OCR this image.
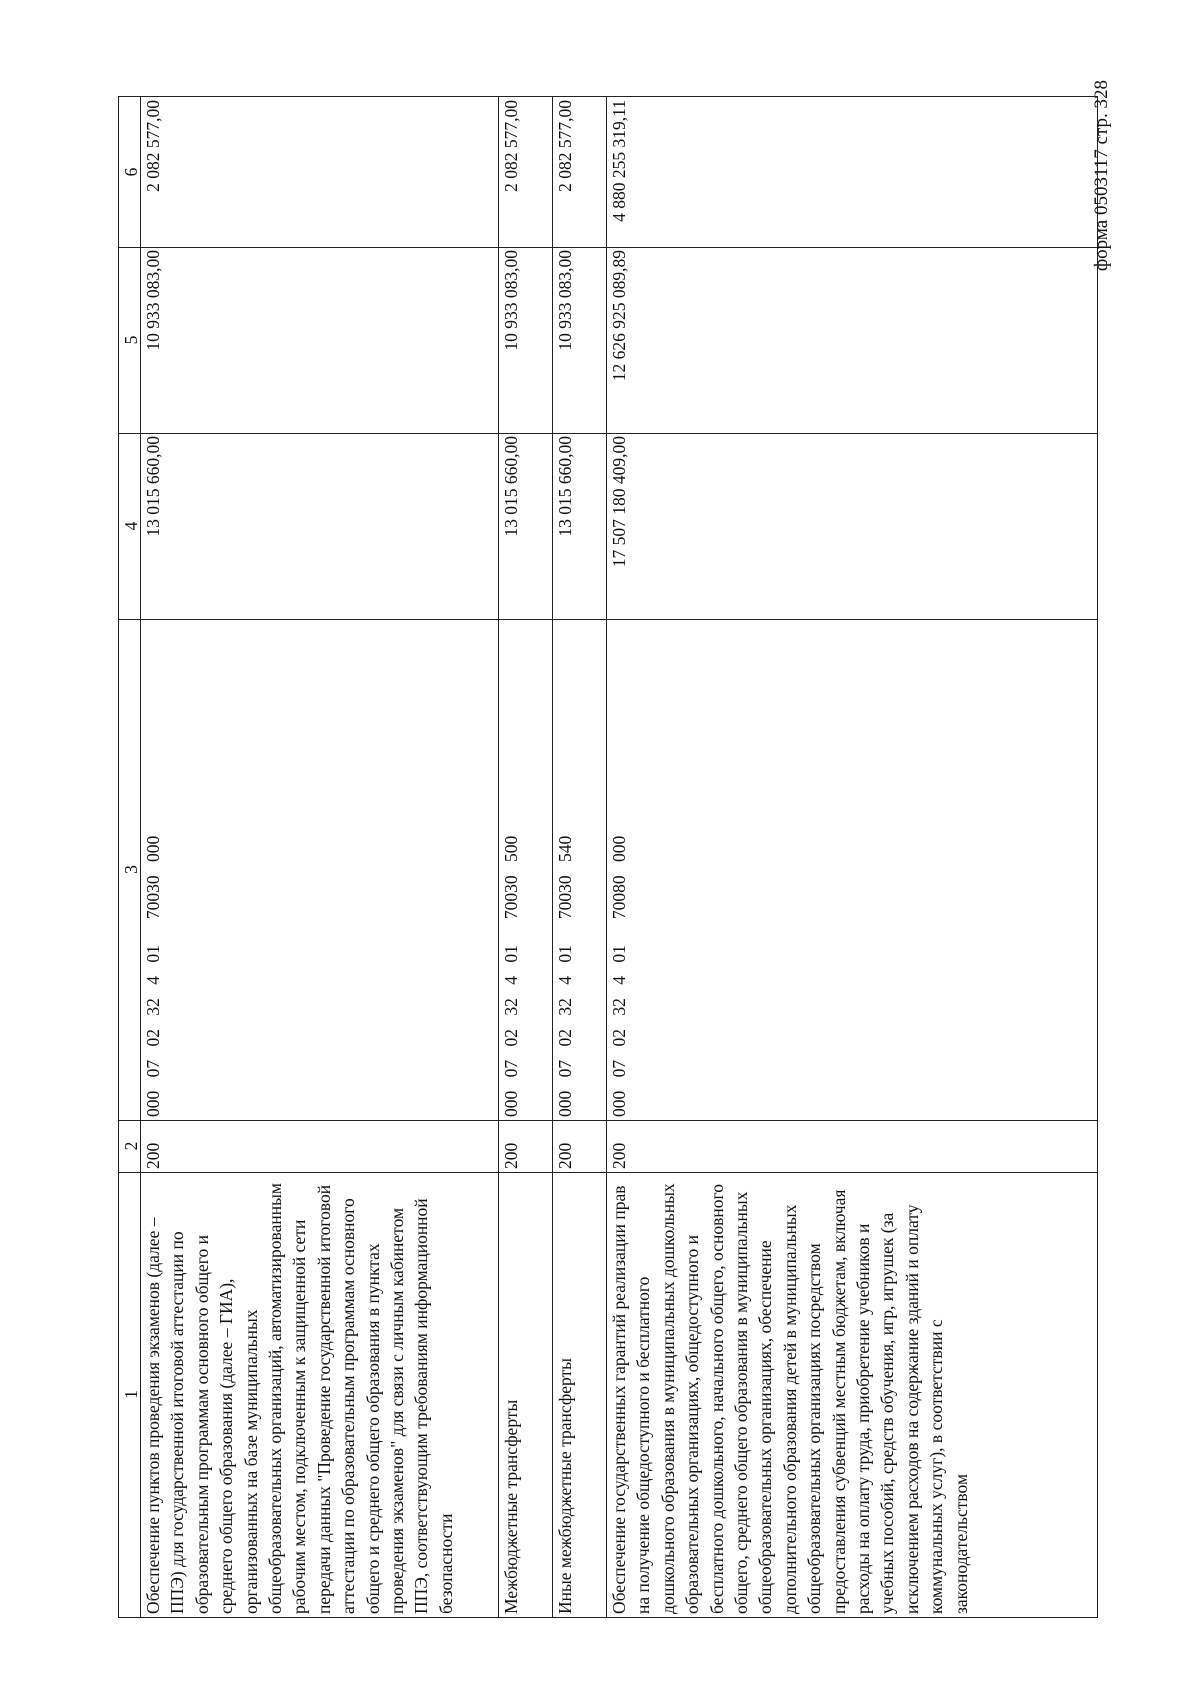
форма 0503117 стр. 328
1
2
3
4
5
6
Обеспечение пунктов проведения экзаменов (далее – ППЭ) для государственной итоговой аттестации по образовательным программам основного общего и среднего общего образования (далее – ГИА), организованных на базе муниципальных общеобразовательных организаций, автоматизированным рабочим местом, подключенным к защищенной сети передачи данных "Проведение государственной итоговой аттестации по образовательным программам основного общего и среднего общего образования в пунктах проведения экзаменов" для связи с личным кабинетом ППЭ, соответствующим требованиям информационной безопасности
200
000 07 02 32 4 0170030 000
13 015 660,00
10 933 083,00
2 082 577,00
Межбюджетные трансферты
200
000 07 02 32 4 0170030 500
13 015 660,00
10 933 083,00
2 082 577,00
Иные межбюджетные трансферты
200
000 07 02 32 4 0170030 540
13 015 660,00
10 933 083,00
2 082 577,00
Обеспечение государственных гарантий реализации прав на получение общедоступного и бесплатного дошкольного образования в муниципальных дошкольных образовательных организациях, общедоступного и бесплатного дошкольного, начального общего, основного общего, среднего общего образования в муниципальных общеобразовательных организациях, обеспечение дополнительного образования детей в муниципальных общеобразовательных организациях посредством предоставления субвенций местным бюджетам, включая расходы на оплату труда, приобретение учебников и учебных пособий, средств обучения, игр, игрушек (за исключением расходов на содержание зданий и оплату коммунальных услуг), в соответствии с законодательством
200
000 07 02 32 4 0170080 000
17 507 180 409,00
12 626 925 089,89
4 880 255 319,11
